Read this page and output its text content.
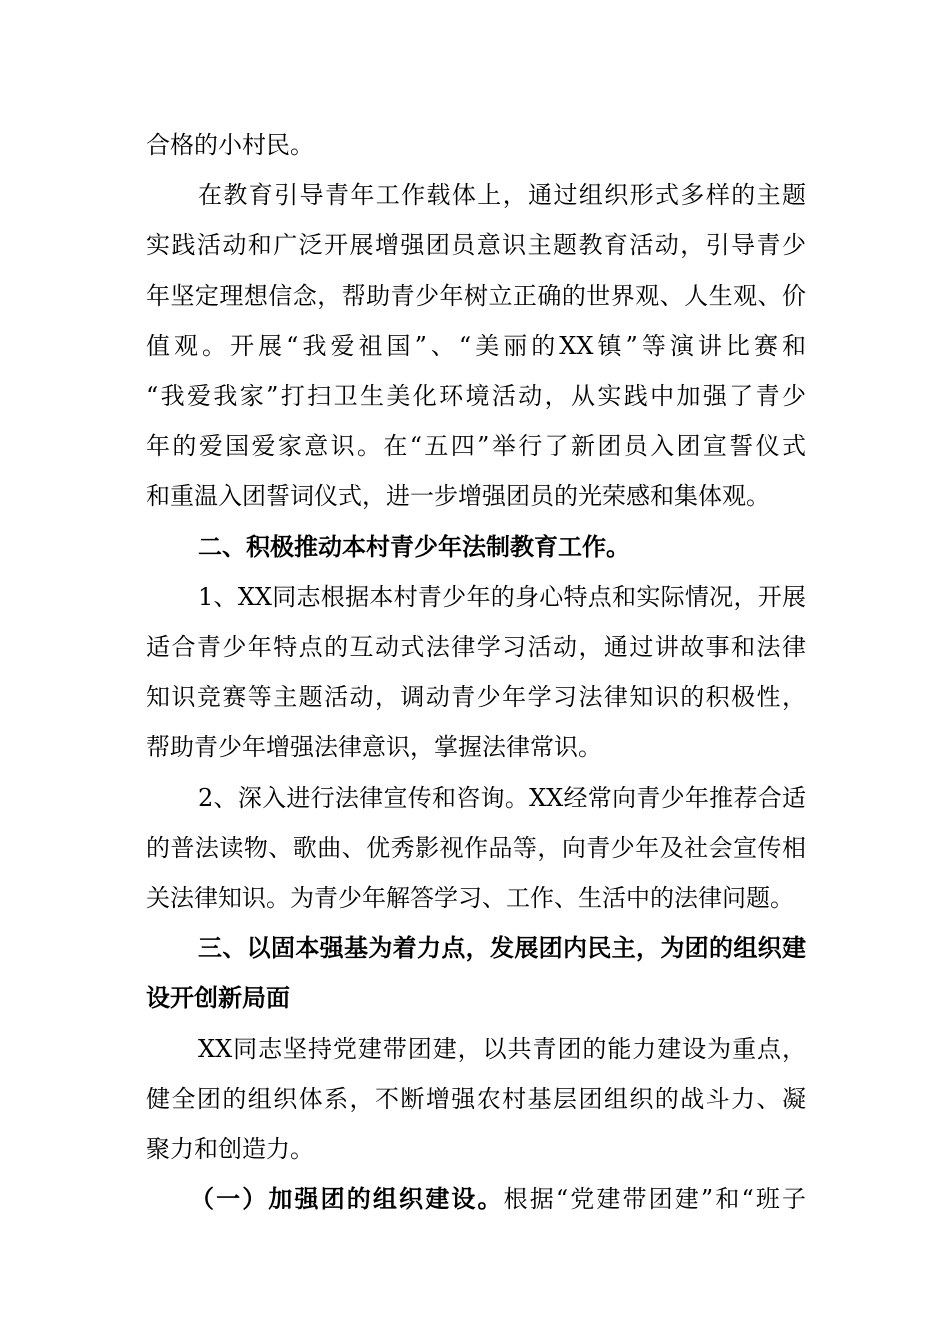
合格的小村民。
在教育引导青年工作载体上，通过组织形式多样的主题
实践活动和广泛开展增强团员意识主题教育活动，引导青少
年坚定理想信念，帮助青少年树立正确的世界观、人生观、价
值观。开展“我爱祖国”、“美丽的XX镇”等演讲比赛和
“我爱我家”打扫卫生美化环境活动，从实践中加强了青少
年的爱国爱家意识。在“五四”举行了新团员入团宣誓仪式
和重温入团誓词仪式，进一步增强团员的光荣感和集体观。
二、积极推动本村青少年法制教育工作。
1、XX同志根据本村青少年的身心特点和实际情况，开展
适合青少年特点的互动式法律学习活动，通过讲故事和法律
知识竞赛等主题活动，调动青少年学习法律知识的积极性，
帮助青少年增强法律意识，掌握法律常识。
2、深入进行法律宣传和咨询。XX经常向青少年推荐合适
的普法读物、歌曲、优秀影视作品等，向青少年及社会宣传相
关法律知识。为青少年解答学习、工作、生活中的法律问题。
三、以固本强基为着力点，发展团内民主，为团的组织建
设开创新局面
XX同志坚持党建带团建，以共青团的能力建设为重点，
健全团的组织体系，不断增强农村基层团组织的战斗力、凝
聚力和创造力。
（一）加强团的组织建设。根据“党建带团建”和“班子
